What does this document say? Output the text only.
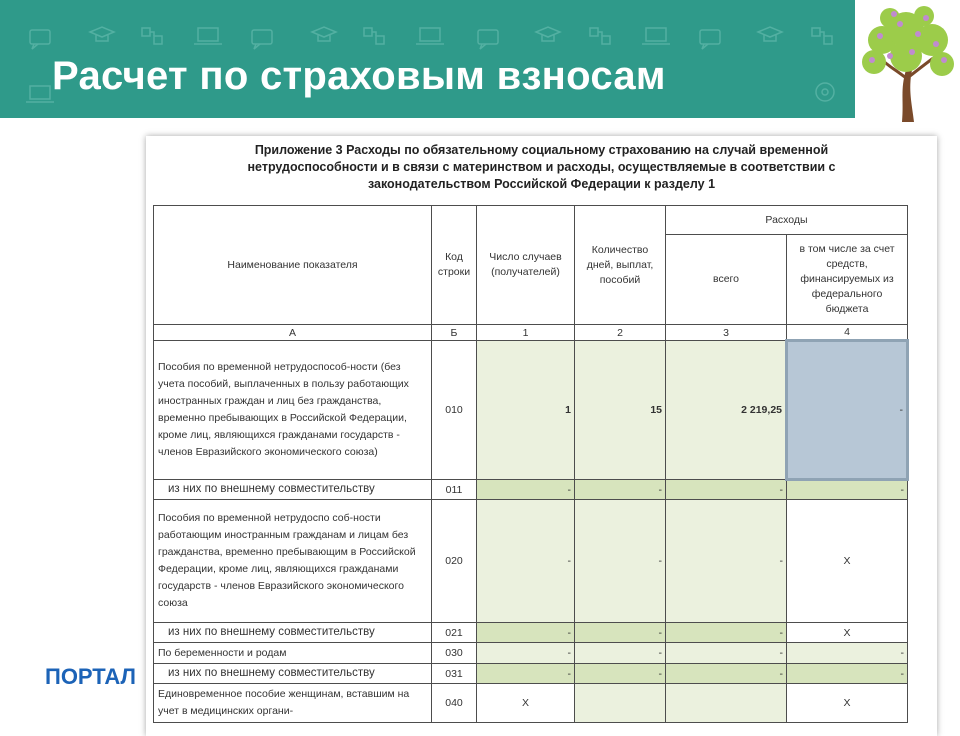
Расчет по страховым взносам
ПОРТАЛ
Приложение 3 Расходы по обязательному социальному страхованию на случай временной
нетрудоспособности и в связи с материнством и расходы, осуществляемые в соответствии с
законодательством Российской Федерации к разделу 1
Наименование показателя	Код строки	Число случаев (получателей)	Количество дней, выплат, пособий	Расходы	
				всего	в том числе за счет средств, финансируемых из федерального бюджета
А	Б	1	2	3	4
Пособия по временной нетрудоспособ-ности (без учета пособий, выплаченных в пользу работающих иностранных граждан и лиц без гражданства, временно пребывающих в Российской Федерации, кроме лиц, являющихся гражданами государств - членов Евразийского экономического союза)	010	1	15	2 219,25	-
из них по внешнему совместительству	011	-	-	-	-
Пособия по временной нетрудоспо соб-ности работающим иностранным гражданам и лицам без гражданства, временно пребывающим в Российской Федерации, кроме лиц, являющихся гражданами государств - членов Евразийского экономического союза	020	-	-	-	X
из них по внешнему совместительству	021	-	-	-	X
По беременности и родам	030	-	-	-	-
из них по внешнему совместительству	031	-	-	-	-
Единовременное пособие женщинам, вставшим на учет в медицинских органи-	040	X			X
